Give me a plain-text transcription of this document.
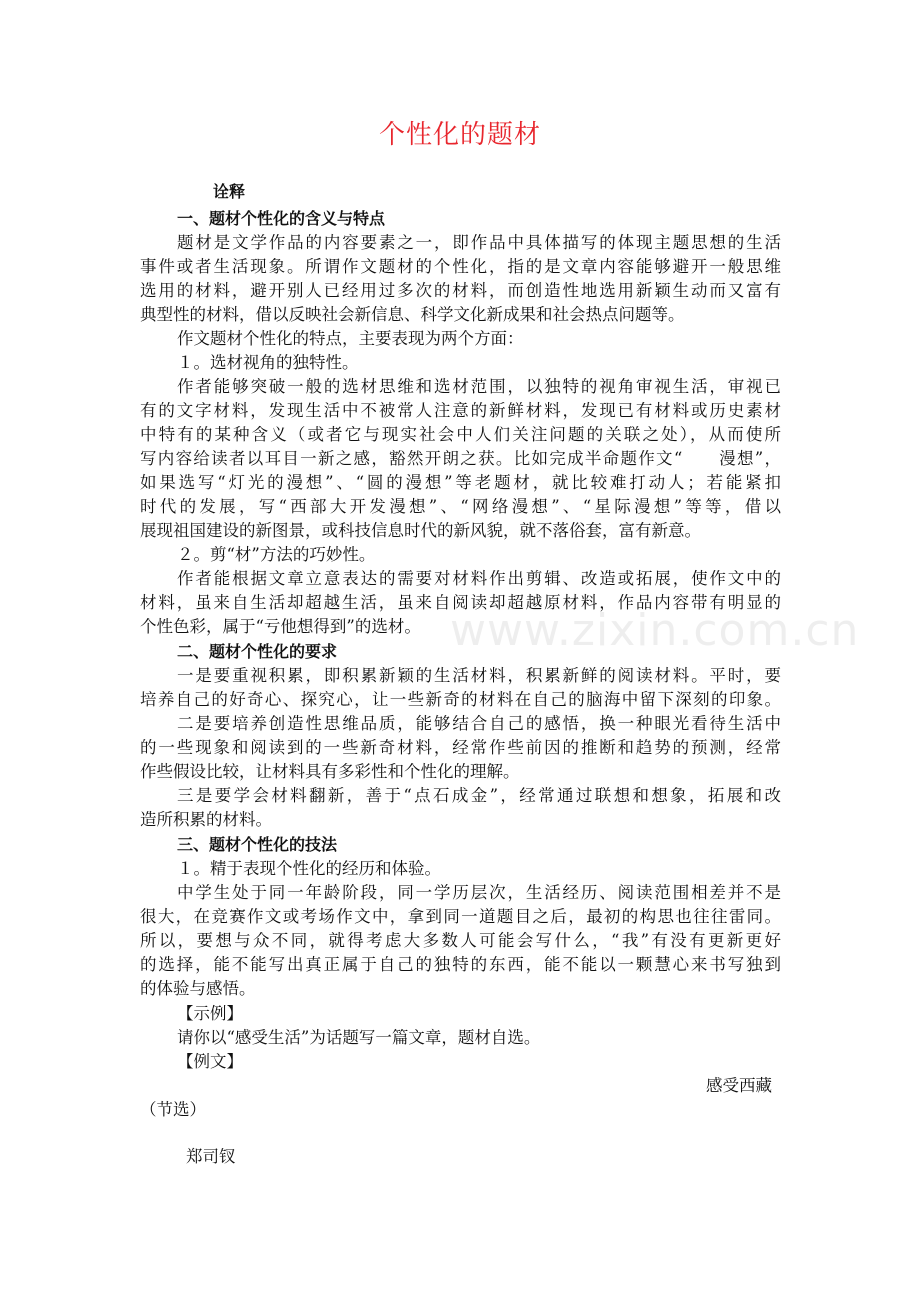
个性化的题材
www.zixin.com.cn
诠释
一、题材个性化的含义与特点
题材是文学作品的内容要素之一，即作品中具体描写的体现主题思想的生活
事件或者生活现象。所谓作文题材的个性化，指的是文章内容能够避开一般思维
选用的材料，避开别人已经用过多次的材料，而创造性地选用新颖生动而又富有
典型性的材料，借以反映社会新信息、科学文化新成果和社会热点问题等。
作文题材个性化的特点，主要表现为两个方面：
１。选材视角的独特性。
作者能够突破一般的选材思维和选材范围，以独特的视角审视生活，审视已
有的文字材料，发现生活中不被常人注意的新鲜材料，发现已有材料或历史素材
中特有的某种含义（或者它与现实社会中人们关注问题的关联之处），从而使所
写内容给读者以耳目一新之感，豁然开朗之获。比如完成半命题作文“　　漫想”，
如果选写“灯光的漫想”、“圆的漫想”等老题材，就比较难打动人；若能紧扣
时代的发展，写“西部大开发漫想”、“网络漫想”、“星际漫想”等等，借以
展现祖国建设的新图景，或科技信息时代的新风貌，就不落俗套，富有新意。
２。剪“材”方法的巧妙性。
作者能根据文章立意表达的需要对材料作出剪辑、改造或拓展，使作文中的
材料，虽来自生活却超越生活，虽来自阅读却超越原材料，作品内容带有明显的
个性色彩，属于“亏他想得到”的选材。
二、题材个性化的要求
一是要重视积累，即积累新颖的生活材料，积累新鲜的阅读材料。平时，要
培养自己的好奇心、探究心，让一些新奇的材料在自己的脑海中留下深刻的印象。
二是要培养创造性思维品质，能够结合自己的感悟，换一种眼光看待生活中
的一些现象和阅读到的一些新奇材料，经常作些前因的推断和趋势的预测，经常
作些假设比较，让材料具有多彩性和个性化的理解。
三是要学会材料翻新，善于“点石成金”，经常通过联想和想象，拓展和改
造所积累的材料。
三、题材个性化的技法
１。精于表现个性化的经历和体验。
中学生处于同一年龄阶段，同一学历层次，生活经历、阅读范围相差并不是
很大，在竞赛作文或考场作文中，拿到同一道题目之后，最初的构思也往往雷同。
所以，要想与众不同，就得考虑大多数人可能会写什么，“我”有没有更新更好
的选择，能不能写出真正属于自己的独特的东西，能不能以一颗慧心来书写独到
的体验与感悟。
【示例】
请你以“感受生活”为话题写一篇文章，题材自选。
【例文】
感受西藏
（节选）
郑司钗
